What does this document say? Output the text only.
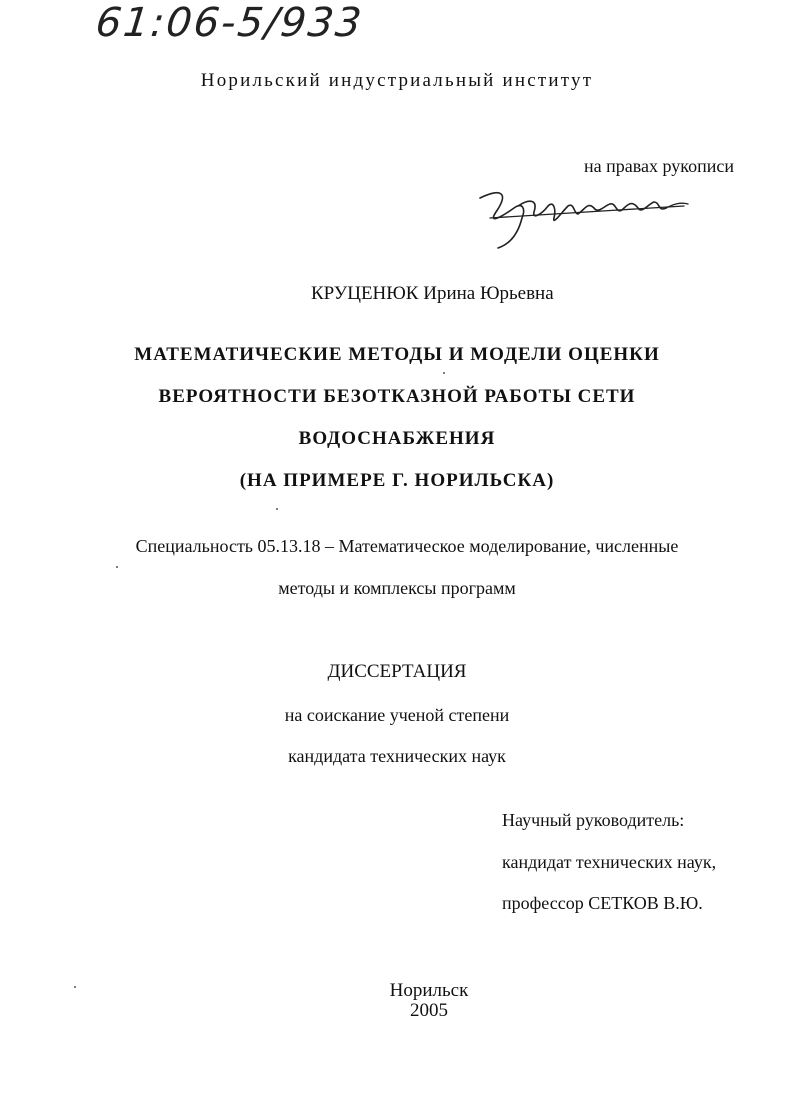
61:06-5/933
Норильский индустриальный институт
на правах рукописи
КРУЦЕНЮК Ирина Юрьевна
МАТЕМАТИЧЕСКИЕ МЕТОДЫ И МОДЕЛИ ОЦЕНКИ
ВЕРОЯТНОСТИ БЕЗОТКАЗНОЙ РАБОТЫ СЕТИ
ВОДОСНАБЖЕНИЯ
(НА ПРИМЕРЕ Г. НОРИЛЬСКА)
Специальность 05.13.18 – Математическое моделирование, численные
методы и комплексы программ
ДИССЕРТАЦИЯ
на соискание ученой степени
кандидата технических наук
Научный руководитель:
кандидат технических наук,
профессор СЕТКОВ В.Ю.
Норильск
2005
